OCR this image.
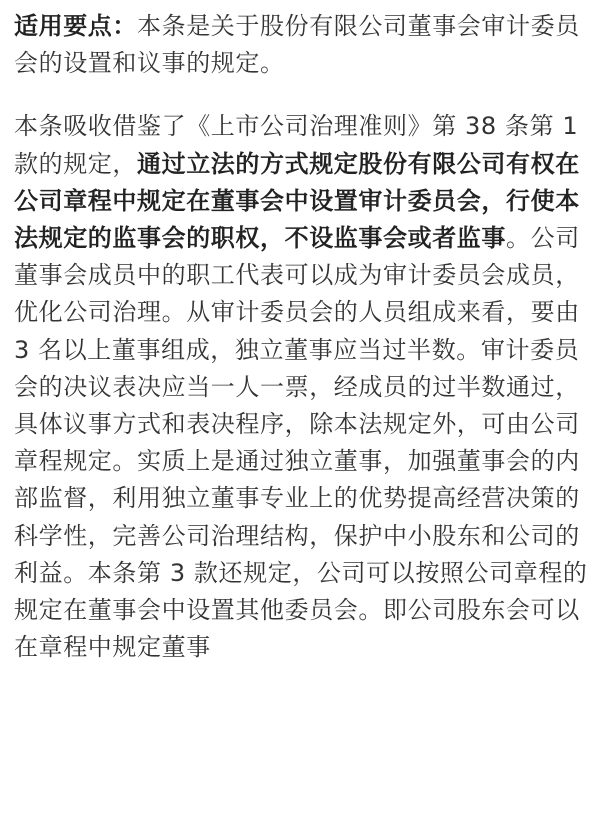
适用要点：本条是关于股份有限公司董事会审计委员会的设置和议事的规定。

本条吸收借鉴了《上市公司治理准则》第 38 条第 1 款的规定，通过立法的方式规定股份有限公司有权在公司章程中规定在董事会中设置审计委员会，行使本法规定的监事会的职权，不设监事会或者监事。公司董事会成员中的职工代表可以成为审计委员会成员，优化公司治理。从审计委员会的人员组成来看，要由 3 名以上董事组成，独立董事应当过半数。审计委员会的决议表决应当一人一票，经成员的过半数通过，具体议事方式和表决程序，除本法规定外，可由公司章程规定。实质上是通过独立董事，加强董事会的内部监督，利用独立董事专业上的优势提高经营决策的科学性，完善公司治理结构，保护中小股东和公司的利益。本条第 3 款还规定，公司可以按照公司章程的规定在董事会中设置其他委员会。即公司股东会可以在章程中规定董事
